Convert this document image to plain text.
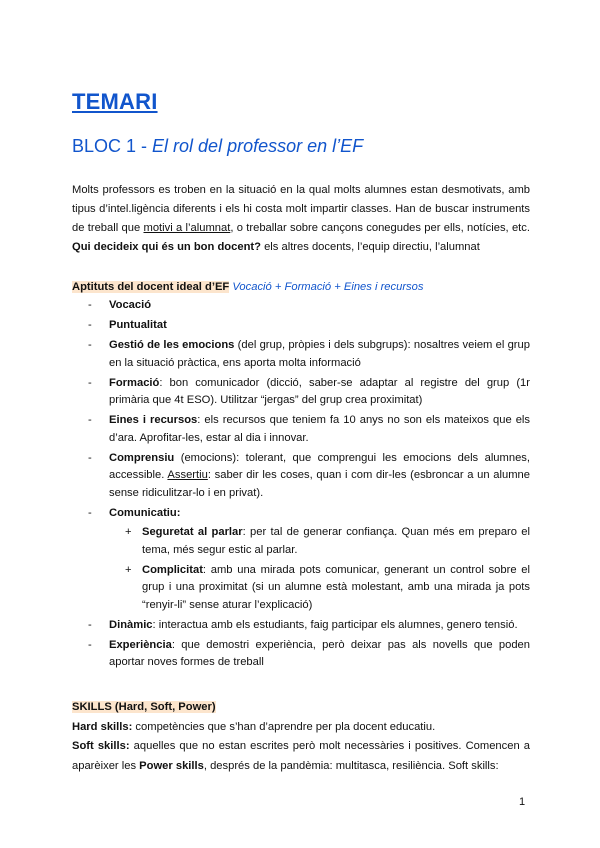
TEMARI
BLOC 1 - El rol del professor en l’EF
Molts professors es troben en la situació en la qual molts alumnes estan desmotivats, amb tipus d’intel.ligència diferents i els hi costa molt impartir classes. Han de buscar instruments de treball que motivi a l’alumnat, o treballar sobre cançons conegudes per ells, notícies, etc. Qui decideix qui és un bon docent? els altres docents, l’equip directiu, l’alumnat
Aptituts del docent ideal d’EF Vocació + Formació + Eines i recursos
- Vocació
- Puntualitat
- Gestió de les emocions (del grup, pròpies i dels subgrups): nosaltres veiem el grup en la situació pràctica, ens aporta molta informació
- Formació: bon comunicador (dicció, saber-se adaptar al registre del grup (1r primària que 4t ESO). Utilitzar “jergas” del grup crea proximitat)
- Eines i recursos: els recursos que teniem fa 10 anys no son els mateixos que els d’ara. Aprofitar-les, estar al dia i innovar.
- Comprensiu (emocions): tolerant, que comprengui les emocions dels alumnes, accessible. Assertiu: saber dir les coses, quan i com dir-les (esbroncar a un alumne sense ridiculitzar-lo i en privat).
- Comunicatiu:
+ Seguretat al parlar: per tal de generar confiança. Quan més em preparo el tema, més segur estic al parlar.
+ Complicitat: amb una mirada pots comunicar, generant un control sobre el grup i una proximitat (si un alumne està molestant, amb una mirada ja pots “renyir-li” sense aturar l’explicació)
- Dinàmic: interactua amb els estudiants, faig participar els alumnes, genero tensió.
- Experiència: que demostri experiència, però deixar pas als novells que poden aportar noves formes de treball
SKILLS (Hard, Soft, Power)
Hard skills: competències que s’han d’aprendre per pla docent educatiu.
Soft skills: aquelles que no estan escrites però molt necessàries i positives. Comencen a aparèixer les Power skills, després de la pandèmia: multitasca, resiliència. Soft skills:
1
